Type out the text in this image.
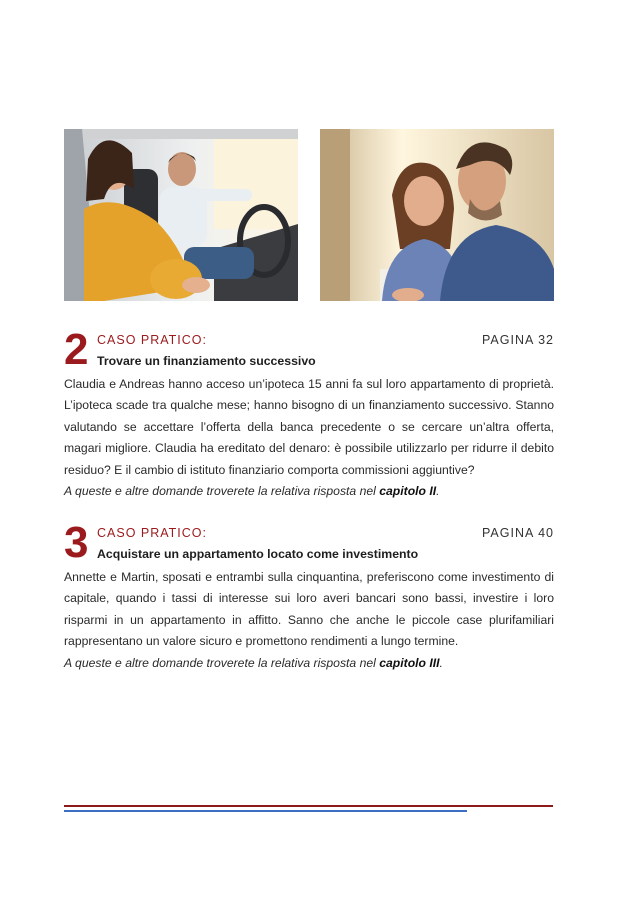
2 CASO PRATICO:	PAGINA 32
Trovare un finanziamento successivo

Claudia e Andreas hanno acceso un’ipoteca 15 anni fa sul loro appartamento di proprietà. L’ipoteca scade tra qualche mese; hanno bisogno di un finanziamento successivo. Stanno valutando se accettare l’offerta della banca precedente o se cercare un’altra offerta, magari migliore. Claudia ha ereditato del denaro: è possibile utilizzarlo per ridurre il debito residuo? E il cambio di istituto finanziario comporta commissioni aggiuntive?

A queste e altre domande troverete la relativa risposta nel capitolo II.

3 CASO PRATICO:	PAGINA 40
Acquistare un appartamento locato come investimento

Annette e Martin, sposati e entrambi sulla cinquantina, preferiscono come investimento di capitale, quando i tassi di interesse sui loro averi bancari sono bassi, investire i loro risparmi in un appartamento in affitto. Sanno che anche le piccole case plurifamiliari rappresentano un valore sicuro e promettono rendimenti a lungo termine.

A queste e altre domande troverete la relativa risposta nel capitolo III.
